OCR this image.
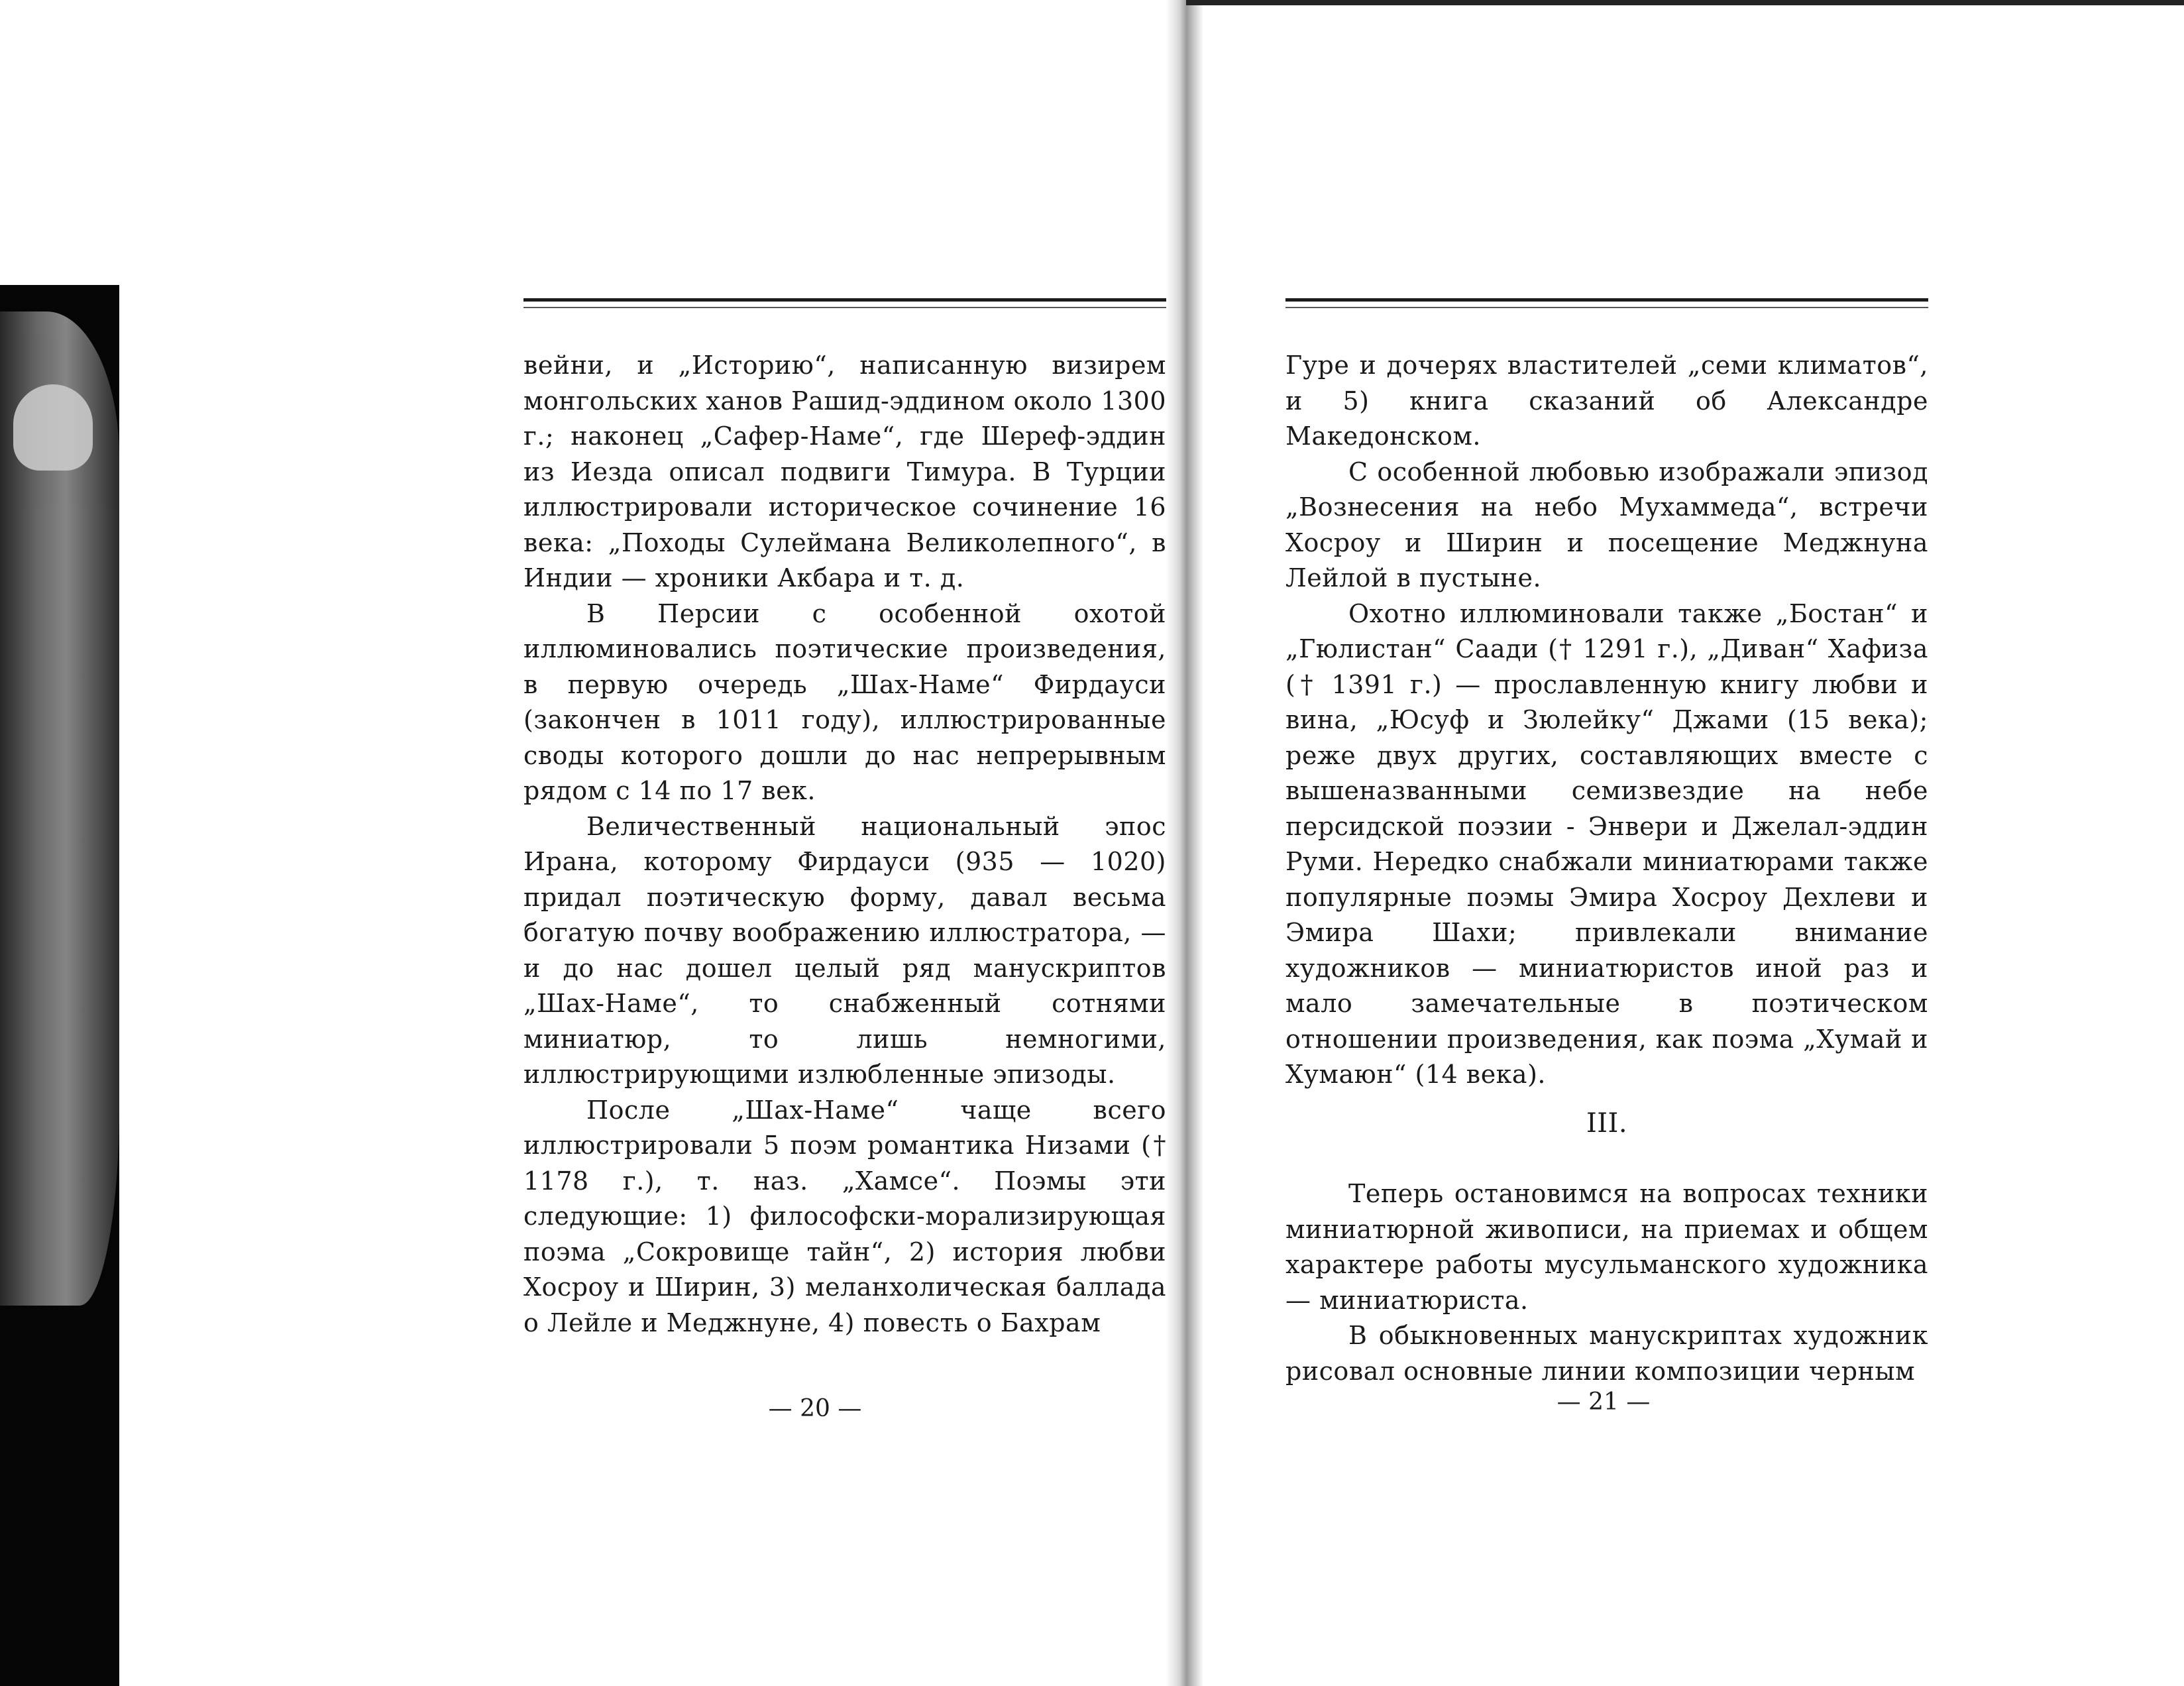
вейни, и „Историю“, написанную визирем монгольских ханов Рашид-эддином около 1300 г.; наконец „Сафер-Наме“, где Шереф-эддин из Иезда описал подвиги Тимура. В Турции иллюстрировали историческое сочинение 16 века: „Походы Сулеймана Великолепного“, в Индии — хроники Акбара и т. д.

В Персии с особенной охотой иллюминовались поэтические произведения, в первую очередь „Шах-Наме“ Фирдауси (закончен в 1011 году), иллюстрированные своды которого дошли до нас непрерывным рядом с 14 по 17 век.

Величественный национальный эпос Ирана, которому Фирдауси (935 — 1020) придал поэтическую форму, давал весьма богатую почву воображению иллюстратора, — и до нас дошел целый ряд манускриптов „Шах-Наме“, то снабженный сотнями миниатюр, то лишь немногими, иллюстрирующими излюбленные эпизоды.

После „Шах-Наме“ чаще всего иллюстрировали 5 поэм романтика Низами († 1178 г.), т. наз. „Хамсе“. Поэмы эти следующие: 1) философски-морализирующая поэма „Сокровище тайн“, 2) история любви Хосроу и Ширин, 3) меланхолическая баллада о Лейле и Меджнуне, 4) повесть о Бахрам

— 20 —

Гуре и дочерях властителей „семи климатов“, и 5) книга сказаний об Александре Македонском.

С особенной любовью изображали эпизод „Вознесения на небо Мухаммеда“, встречи Хосроу и Ширин и посещение Меджнуна Лейлой в пустыне.

Охотно иллюминовали также „Бостан“ и „Гюлистан“ Саади († 1291 г.), „Диван“ Хафиза († 1391 г.) — прославленную книгу любви и вина, „Юсуф и Зюлейку“ Джами (15 века); реже двух других, составляющих вместе с вышеназванными семизвездие на небе персидской поэзии - Энвери и Джелал-эддин Руми. Нередко снабжали миниатюрами также популярные поэмы Эмира Хосроу Дехлеви и Эмира Шахи; привлекали внимание художников — миниатюристов иной раз и мало замечательные в поэтическом отношении произведения, как поэма „Хумай и Хумаюн“ (14 века).

III.

Теперь остановимся на вопросах техники миниатюрной живописи, на приемах и общем характере работы мусульманского художника — миниатюриста.

В обыкновенных манускриптах художник рисовал основные линии композиции черным

— 21 —
